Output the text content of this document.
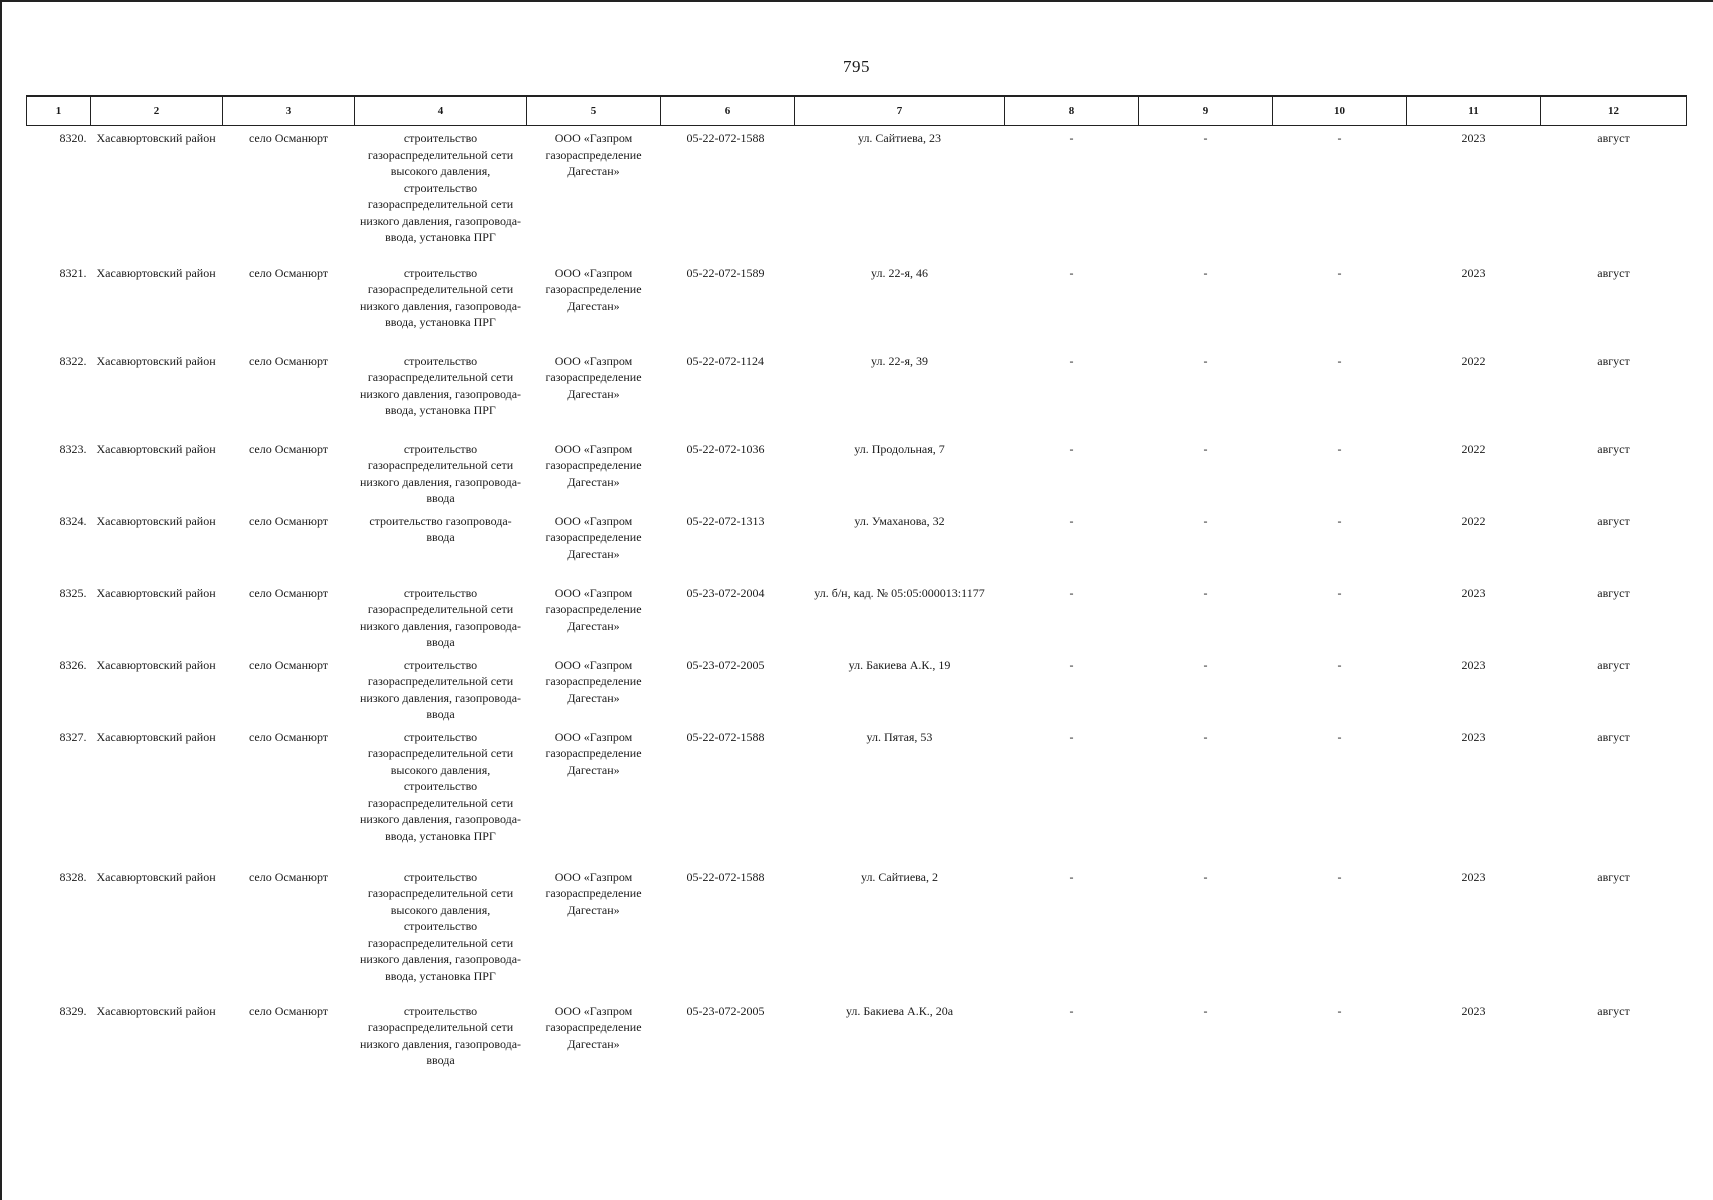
795
1	2	3	4	5	6	7	8	9	10	11	12
8320.	Хасавюртовский район	село Османюрт	строительство газораспределительной сети высокого давления, строительство газораспределительной сети низкого давления, газопровода-ввода, установка ПРГ	ООО «Газпром газораспределение Дагестан»	05-22-072-1588	ул. Сайтиева, 23	-	-	-	2023	август
8321.	Хасавюртовский район	село Османюрт	строительство газораспределительной сети низкого давления, газопровода-ввода, установка ПРГ	ООО «Газпром газораспределение Дагестан»	05-22-072-1589	ул. 22-я, 46	-	-	-	2023	август
8322.	Хасавюртовский район	село Османюрт	строительство газораспределительной сети низкого давления, газопровода-ввода, установка ПРГ	ООО «Газпром газораспределение Дагестан»	05-22-072-1124	ул. 22-я, 39	-	-	-	2022	август
8323.	Хасавюртовский район	село Османюрт	строительство газораспределительной сети низкого давления, газопровода-ввода	ООО «Газпром газораспределение Дагестан»	05-22-072-1036	ул. Продольная, 7	-	-	-	2022	август
8324.	Хасавюртовский район	село Османюрт	строительство газопровода-ввода	ООО «Газпром газораспределение Дагестан»	05-22-072-1313	ул. Умаханова, 32	-	-	-	2022	август
8325.	Хасавюртовский район	село Османюрт	строительство газораспределительной сети низкого давления, газопровода-ввода	ООО «Газпром газораспределение Дагестан»	05-23-072-2004	ул. б/н, кад. № 05:05:000013:1177	-	-	-	2023	август
8326.	Хасавюртовский район	село Османюрт	строительство газораспределительной сети низкого давления, газопровода-ввода	ООО «Газпром газораспределение Дагестан»	05-23-072-2005	ул. Бакиева А.К., 19	-	-	-	2023	август
8327.	Хасавюртовский район	село Османюрт	строительство газораспределительной сети высокого давления, строительство газораспределительной сети низкого давления, газопровода-ввода, установка ПРГ	ООО «Газпром газораспределение Дагестан»	05-22-072-1588	ул. Пятая, 53	-	-	-	2023	август
8328.	Хасавюртовский район	село Османюрт	строительство газораспределительной сети высокого давления, строительство газораспределительной сети низкого давления, газопровода-ввода, установка ПРГ	ООО «Газпром газораспределение Дагестан»	05-22-072-1588	ул. Сайтиева, 2	-	-	-	2023	август
8329.	Хасавюртовский район	село Османюрт	строительство газораспределительной сети низкого давления, газопровода-ввода	ООО «Газпром газораспределение Дагестан»	05-23-072-2005	ул. Бакиева А.К., 20а	-	-	-	2023	август
